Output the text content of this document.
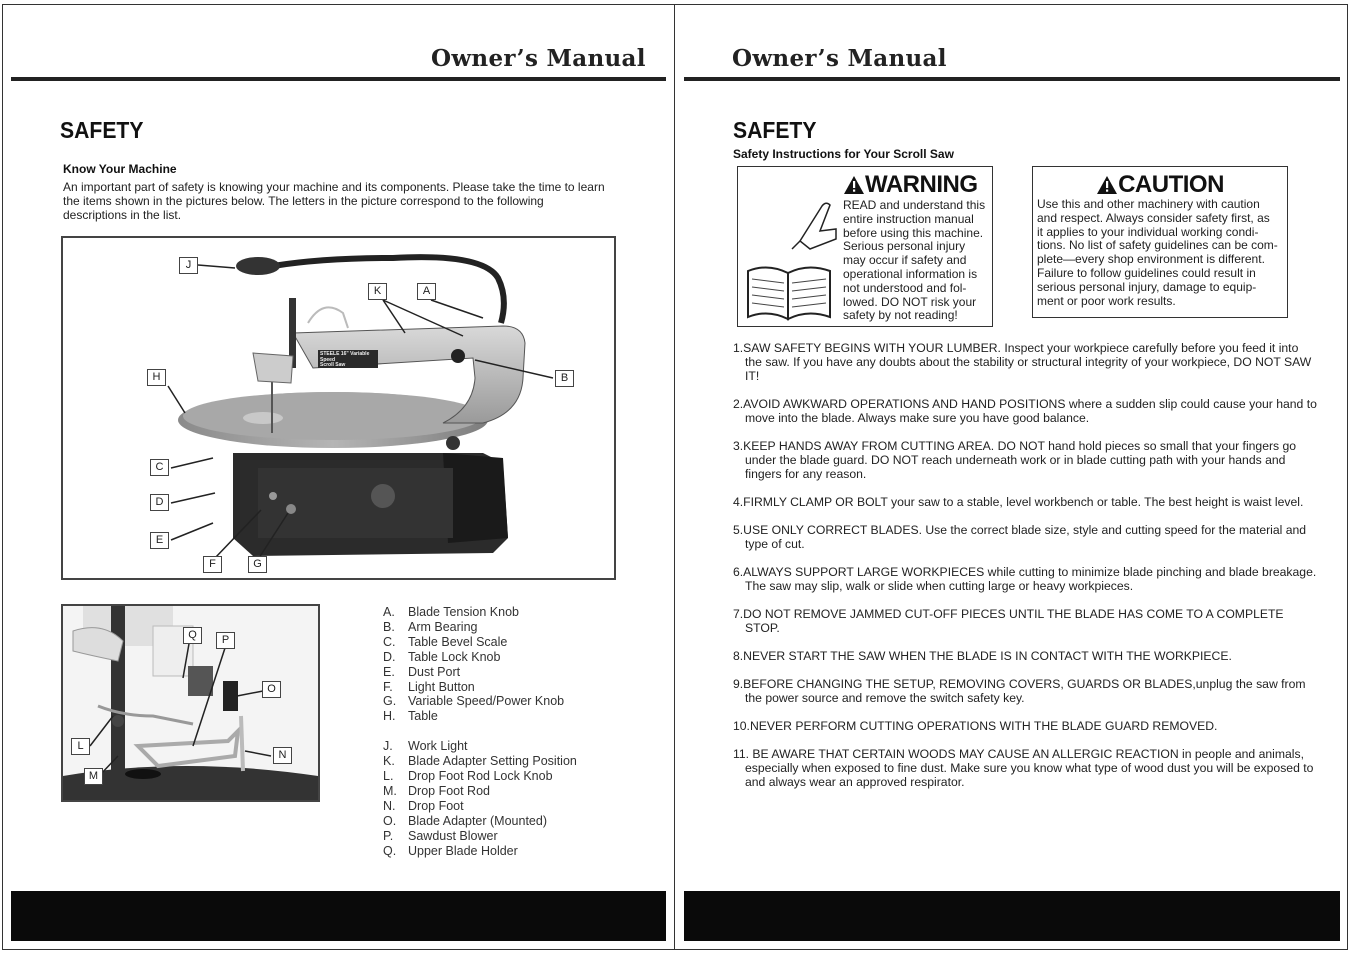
Owner’s Manual
SAFETY
Know Your Machine
An important part of safety is knowing your machine and its components. Please take the time to learn the items shown in the pictures below. The letters in the picture correspond to the following descriptions in the list.
J
K	A
H	B
C
D
E
F	G
STEELE 16" Variable Speed
Scroll Saw
Q	P
O
L
N
M
A. Blade Tension Knob
B. Arm Bearing
C. Table Bevel Scale
D. Table Lock Knob
E. Dust Port
F. Light Button
G. Variable Speed/Power Knob
H. Table
J. Work Light
K. Blade Adapter Setting Position
L. Drop Foot Rod Lock Knob
M. Drop Foot Rod
N. Drop Foot
O. Blade Adapter (Mounted)
P. Sawdust Blower
Q. Upper Blade Holder
Owner’s Manual
SAFETY
Safety Instructions for Your Scroll Saw
WARNING
READ and understand this
entire instruction manual
before using this machine.
Serious personal injury
may occur if safety and
operational information is
not understood and fol-
lowed. DO NOT risk your
safety by not reading!
CAUTION
Use this and other machinery with caution
and respect. Always consider safety first, as
it applies to your individual working condi-
tions. No list of safety guidelines can be com-
plete—every shop environment is different.
Failure to follow guidelines could result in
serious personal injury, damage to equip-
ment or poor work results.
1.SAW SAFETY BEGINS WITH YOUR LUMBER. Inspect your workpiece carefully before you feed it into the saw. If you have any doubts about the stability or structural integrity of your workpiece, DO NOT SAW IT!
2.AVOID AWKWARD OPERATIONS AND HAND POSITIONS where a sudden slip could cause your hand to move into the blade. Always make sure you have good balance.
3.KEEP HANDS AWAY FROM CUTTING AREA. DO NOT hand hold pieces so small that your fingers go under the blade guard. DO NOT reach underneath work or in blade cutting path with your hands and fingers for any reason.
4.FIRMLY CLAMP OR BOLT your saw to a stable, level workbench or table. The best height is waist level.
5.USE ONLY CORRECT BLADES. Use the correct blade size, style and cutting speed for the material and type of cut.
6.ALWAYS SUPPORT LARGE WORKPIECES while cutting to minimize blade pinching and blade breakage. The saw may slip, walk or slide when cutting large or heavy workpieces.
7.DO NOT REMOVE JAMMED CUT-OFF PIECES UNTIL THE BLADE HAS COME TO A COMPLETE STOP.
8.NEVER START THE SAW WHEN THE BLADE IS IN CONTACT WITH THE WORKPIECE.
9.BEFORE CHANGING THE SETUP, REMOVING COVERS, GUARDS OR BLADES,unplug the saw from the power source and remove the switch safety key.
10.NEVER PERFORM CUTTING OPERATIONS WITH THE BLADE GUARD REMOVED.
11. BE AWARE THAT CERTAIN WOODS MAY CAUSE AN ALLERGIC REACTION in people and animals, especially when exposed to fine dust. Make sure you know what type of wood dust you will be exposed to and always wear an approved respirator.
